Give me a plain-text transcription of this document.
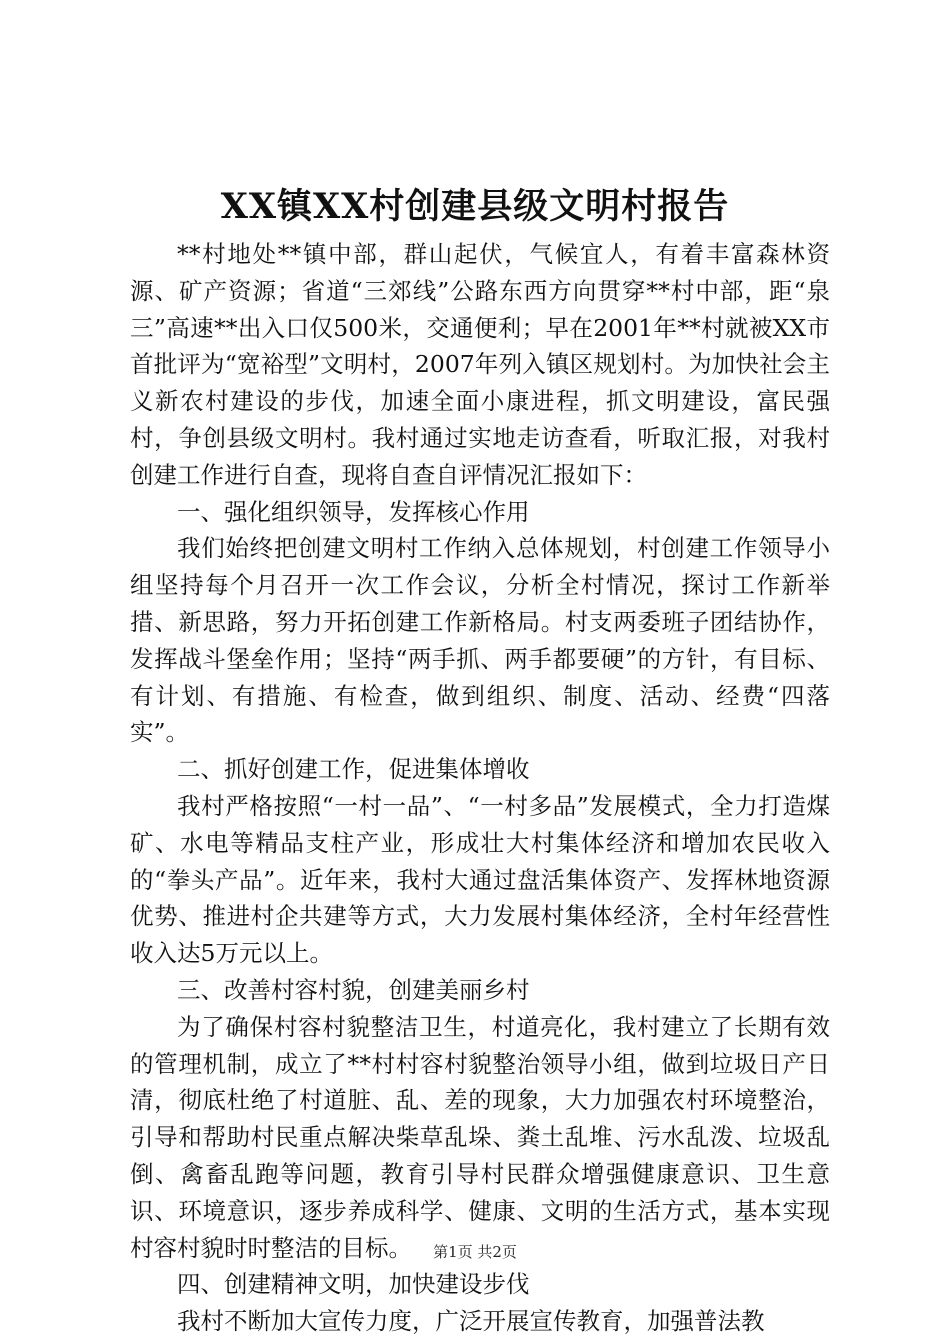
XX镇XX村创建县级文明村报告

**村地处**镇中部，群山起伏，气候宜人，有着丰富森林资源、矿产资源；省道“三郊线”公路东西方向贯穿**村中部，距“泉三”高速**出入口仅500米，交通便利；早在2001年**村就被XX市首批评为“宽裕型”文明村，2007年列入镇区规划村。为加快社会主义新农村建设的步伐，加速全面小康进程，抓文明建设，富民强村，争创县级文明村。我村通过实地走访查看，听取汇报，对我村创建工作进行自查，现将自查自评情况汇报如下：

一、强化组织领导，发挥核心作用

我们始终把创建文明村工作纳入总体规划，村创建工作领导小组坚持每个月召开一次工作会议，分析全村情况，探讨工作新举措、新思路，努力开拓创建工作新格局。村支两委班子团结协作，发挥战斗堡垒作用；坚持“两手抓、两手都要硬”的方针，有目标、有计划、有措施、有检查，做到组织、制度、活动、经费“四落实”。

二、抓好创建工作，促进集体增收

我村严格按照“一村一品”、“一村多品”发展模式，全力打造煤矿、水电等精品支柱产业，形成壮大村集体经济和增加农民收入的“拳头产品”。近年来，我村大通过盘活集体资产、发挥林地资源优势、推进村企共建等方式，大力发展村集体经济，全村年经营性收入达5万元以上。

三、改善村容村貌，创建美丽乡村

为了确保村容村貌整洁卫生，村道亮化，我村建立了长期有效的管理机制，成立了**村村容村貌整治领导小组，做到垃圾日产日清，彻底杜绝了村道脏、乱、差的现象，大力加强农村环境整治，引导和帮助村民重点解决柴草乱垛、粪土乱堆、污水乱泼、垃圾乱倒、禽畜乱跑等问题，教育引导村民群众增强健康意识、卫生意识、环境意识，逐步养成科学、健康、文明的生活方式，基本实现村容村貌时时整洁的目标。

四、创建精神文明，加快建设步伐

我村不断加大宣传力度，广泛开展宣传教育，加强普法教

第1页 共2页
